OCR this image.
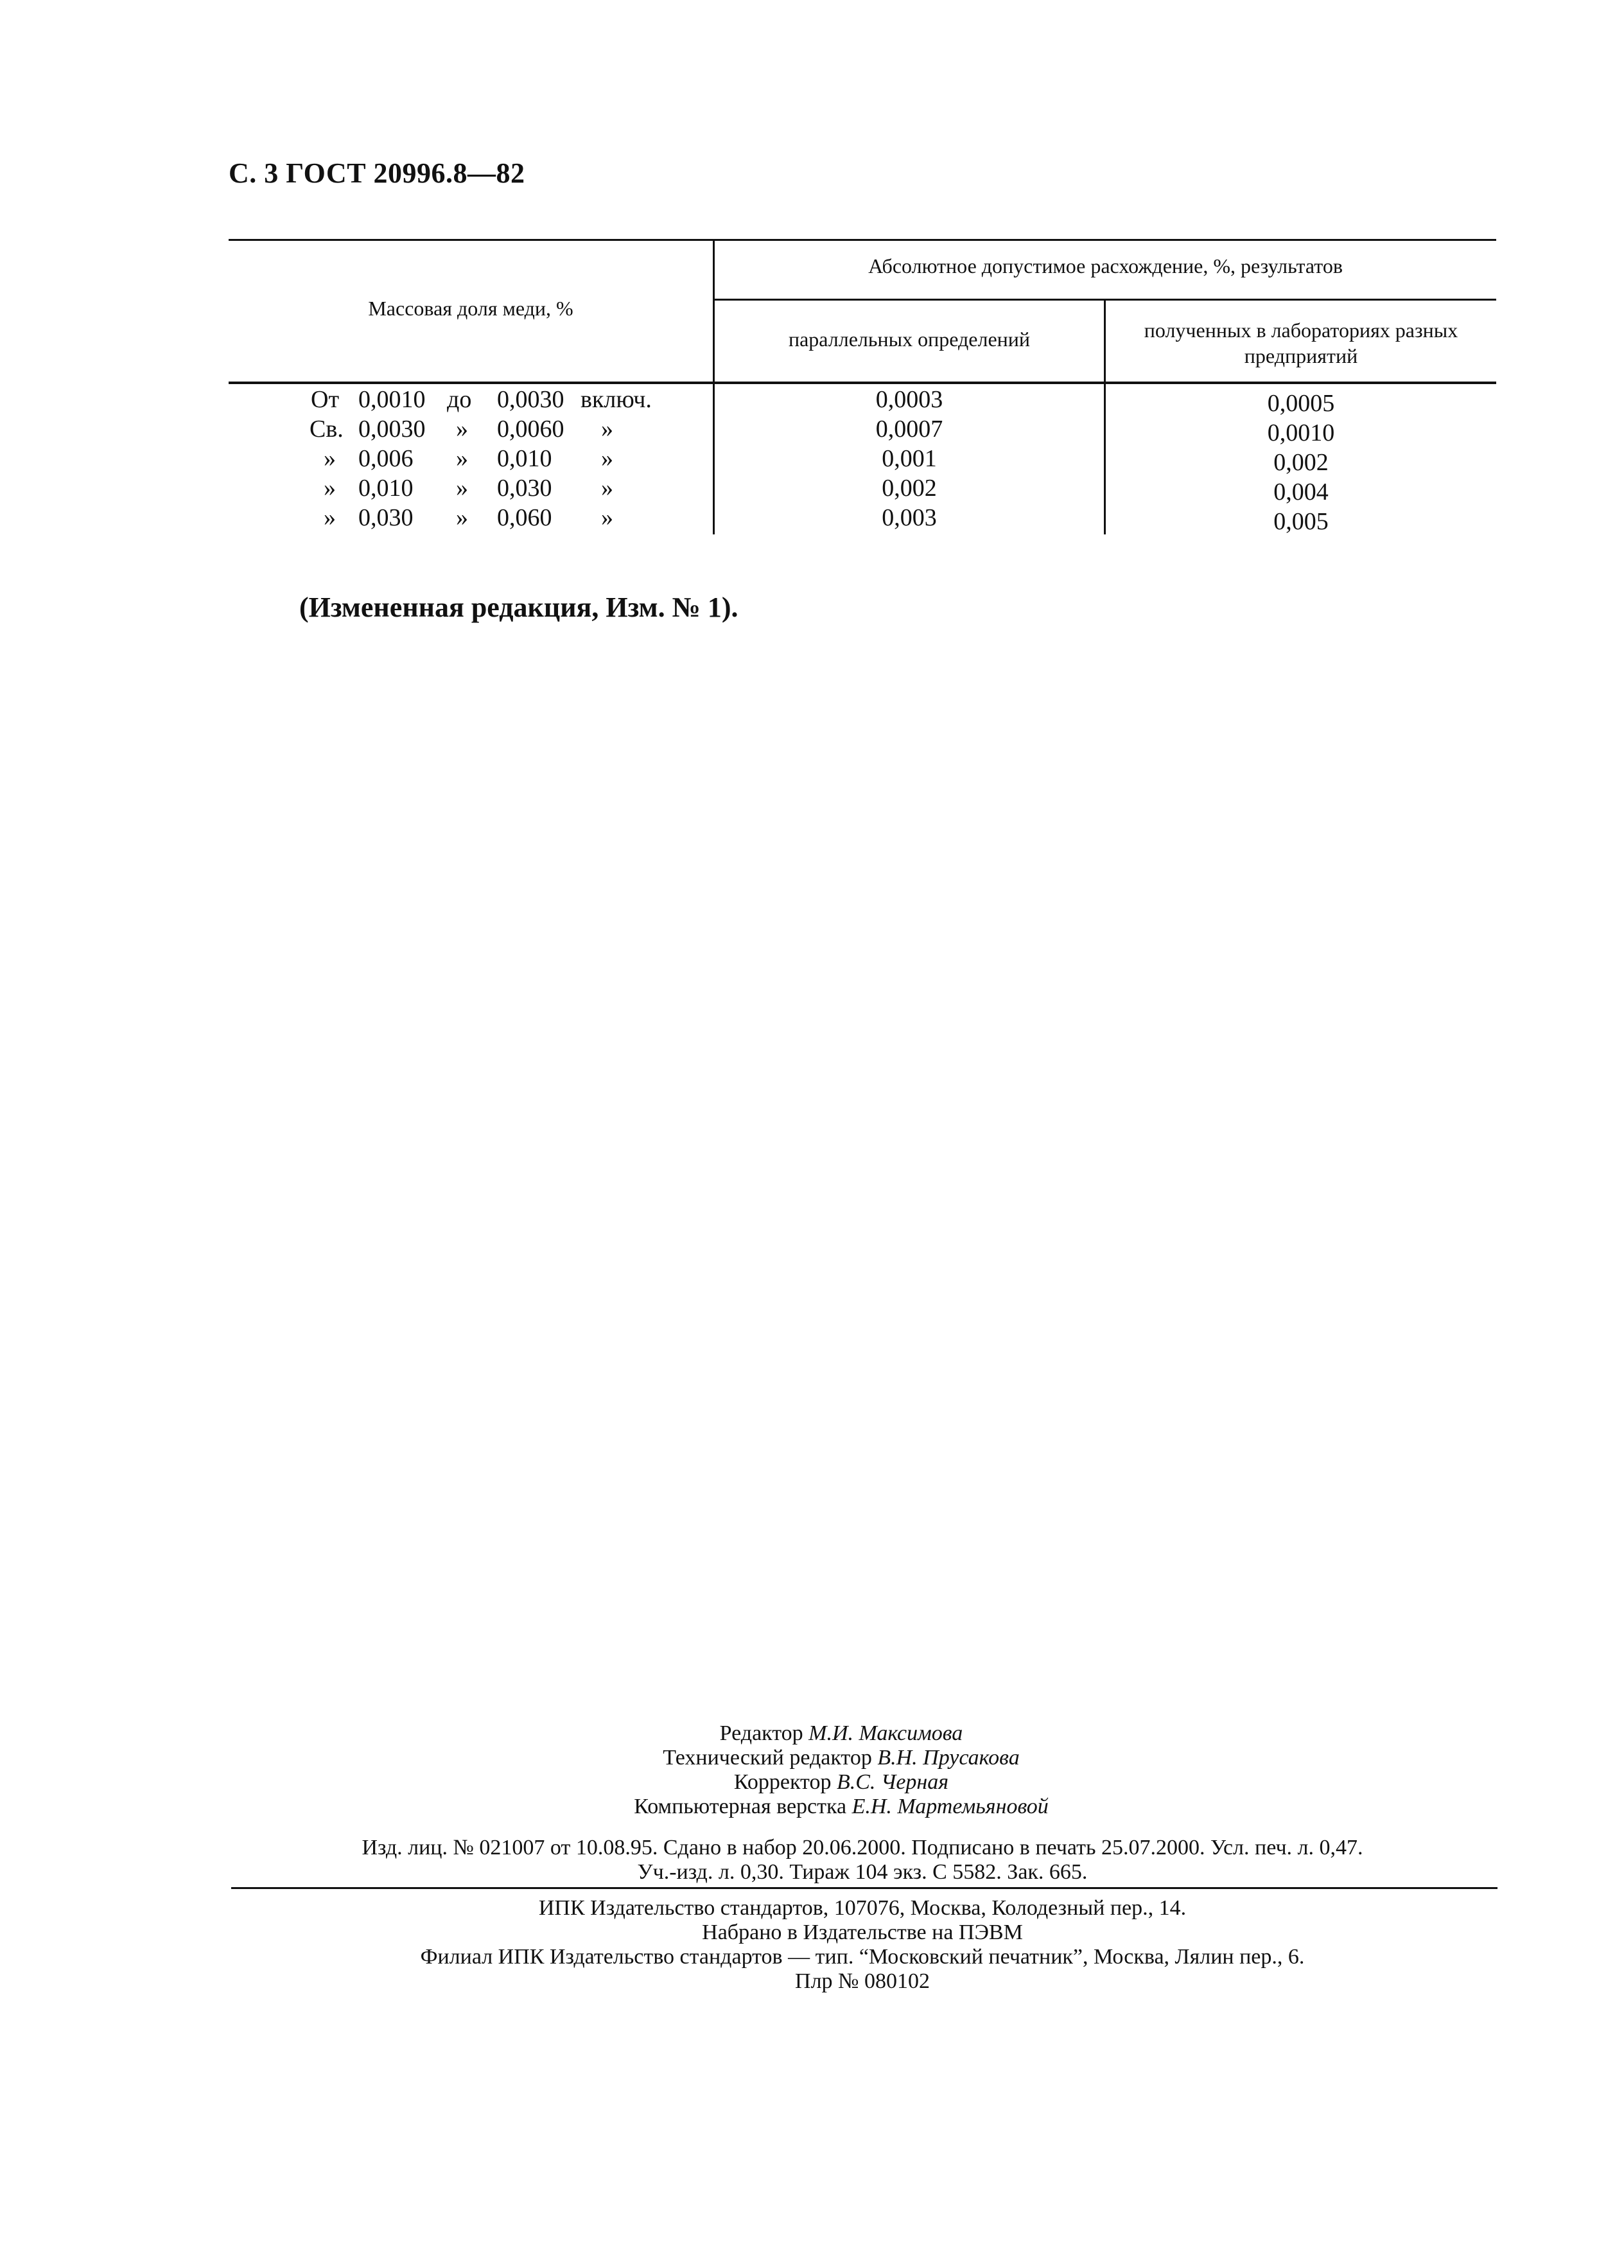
С. 3 ГОСТ 20996.8—82
Массовая доля меди, %
Абсолютное допустимое расхождение, %, результатов
параллельных определений	полученных в лабораториях разных
предприятий
От 0,0010 до 0,0030 включ.	0,0003	0,0005
Св. 0,0030 » 0,0060 »	0,0007	0,0010
» 0,006 » 0,010 »	0,001	0,002
» 0,010 » 0,030 »	0,002	0,004
» 0,030 » 0,060 »	0,003	0,005
(Измененная редакция, Изм. № 1).
Редактор М.И. Максимова
Технический редактор В.Н. Прусакова
Корректор В.С. Черная
Компьютерная верстка Е.Н. Мартемьяновой
Изд. лиц. № 021007 от 10.08.95. Сдано в набор 20.06.2000. Подписано в печать 25.07.2000. Усл. печ. л. 0,47.
Уч.-изд. л. 0,30. Тираж 104 экз. С 5582. Зак. 665.
ИПК Издательство стандартов, 107076, Москва, Колодезный пер., 14.
Набрано в Издательстве на ПЭВМ
Филиал ИПК Издательство стандартов — тип. “Московский печатник”, Москва, Лялин пер., 6.
Плр № 080102
